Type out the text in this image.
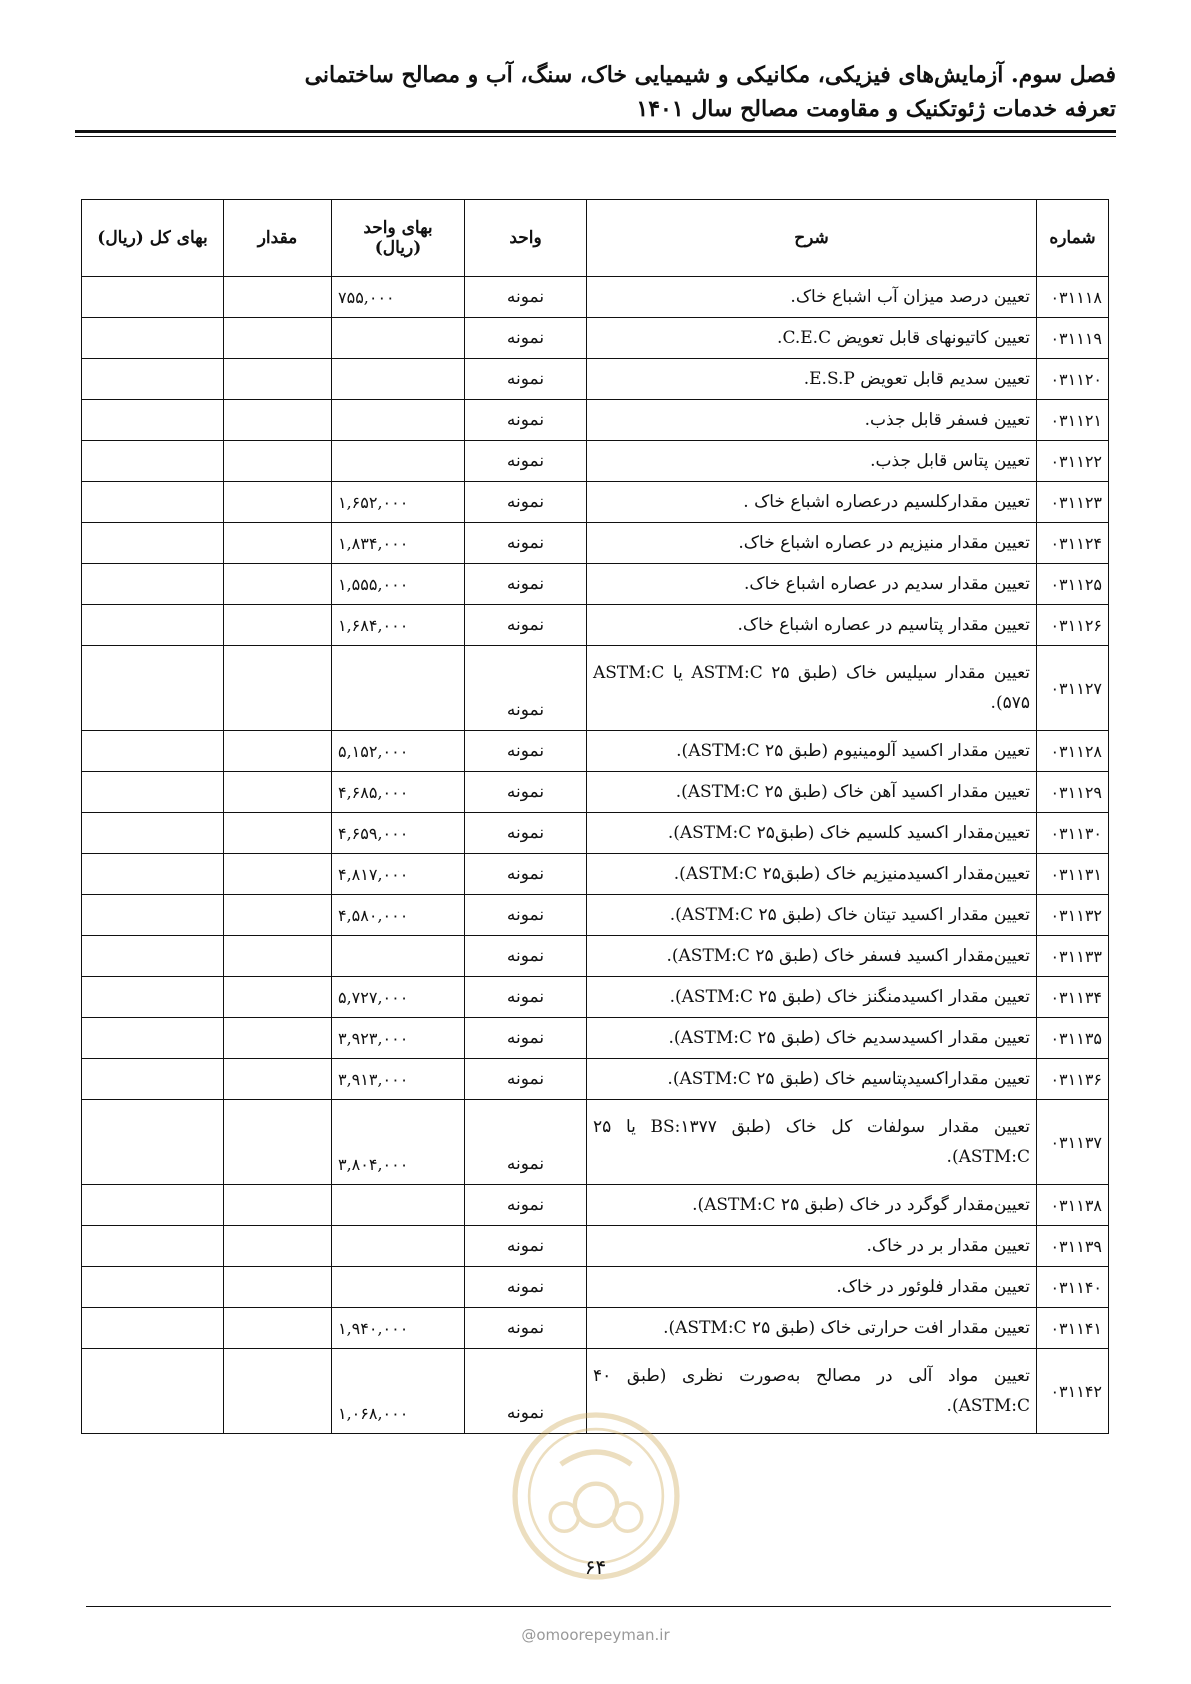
فصل سوم. آزمایش‌های فیزیکی، مکانیکی و شیمیایی خاک، سنگ، آب و مصالح ساختمانی
تعرفه خدمات ژئوتکنیک و مقاومت مصالح سال ۱۴۰۱
شماره	شرح	واحد	بهای واحد
(ریال)	مقدار	بهای کل (ریال)
۰۳۱۱۱۸	تعیین درصد میزان آب اشباع خاک.	نمونه	۷۵۵,۰۰۰		
۰۳۱۱۱۹	تعیین کاتیونهای قابل تعویض C.E.C.	نمونه			
۰۳۱۱۲۰	تعیین سدیم قابل تعویض E.S.P.	نمونه			
۰۳۱۱۲۱	تعیین فسفر قابل جذب.	نمونه			
۰۳۱۱۲۲	تعیین پتاس قابل جذب.	نمونه			
۰۳۱۱۲۳	تعیین مقدارکلسیم درعصاره اشباع خاک .	نمونه	۱,۶۵۲,۰۰۰		
۰۳۱۱۲۴	تعیین مقدار منیزیم در عصاره اشباع خاک.	نمونه	۱,۸۳۴,۰۰۰		
۰۳۱۱۲۵	تعیین مقدار سدیم در عصاره اشباع خاک.	نمونه	۱,۵۵۵,۰۰۰		
۰۳۱۱۲۶	تعیین مقدار پتاسیم در عصاره اشباع خاک.	نمونه	۱,۶۸۴,۰۰۰		
۰۳۱۱۲۷	تعیین مقدار سیلیس خاک (طبق ASTM:C ۲۵ یا ASTM:C ۵۷۵).	نمونه			
۰۳۱۱۲۸	تعیین مقدار اکسید آلومینیوم (طبق ASTM:C ۲۵).	نمونه	۵,۱۵۲,۰۰۰		
۰۳۱۱۲۹	تعیین مقدار اکسید آهن خاک (طبق ASTM:C ۲۵).	نمونه	۴,۶۸۵,۰۰۰		
۰۳۱۱۳۰	تعیین‌مقدار اکسید کلسیم خاک (طبق‌ASTM:C ۲۵).	نمونه	۴,۶۵۹,۰۰۰		
۰۳۱۱۳۱	تعیین‌مقدار اکسیدمنیزیم خاک (طبق‌ASTM:C ۲۵).	نمونه	۴,۸۱۷,۰۰۰		
۰۳۱۱۳۲	تعیین مقدار اکسید تیتان خاک (طبق ASTM:C ۲۵).	نمونه	۴,۵۸۰,۰۰۰		
۰۳۱۱۳۳	تعیین‌مقدار اکسید فسفر خاک (طبق ASTM:C ۲۵).	نمونه			
۰۳۱۱۳۴	تعیین مقدار اکسیدمنگنز خاک (طبق ASTM:C ۲۵).	نمونه	۵,۷۲۷,۰۰۰		
۰۳۱۱۳۵	تعیین مقدار اکسیدسدیم خاک (طبق ASTM:C ۲۵).	نمونه	۳,۹۲۳,۰۰۰		
۰۳۱۱۳۶	تعیین مقداراکسیدپتاسیم خاک (طبق ASTM:C ۲۵).	نمونه	۳,۹۱۳,۰۰۰		
۰۳۱۱۳۷	تعیین مقدار سولفات کل خاک (طبق BS:۱۳۷۷ یا ۲۵ ASTM:C).	نمونه	۳,۸۰۴,۰۰۰		
۰۳۱۱۳۸	تعیین‌مقدار گوگرد در خاک (طبق ASTM:C ۲۵).	نمونه			
۰۳۱۱۳۹	تعیین مقدار بر در خاک.	نمونه			
۰۳۱۱۴۰	تعیین مقدار فلوئور در خاک.	نمونه			
۰۳۱۱۴۱	تعیین مقدار افت حرارتی خاک (طبق ASTM:C ۲۵).	نمونه	۱,۹۴۰,۰۰۰		
۰۳۱۱۴۲	تعیین مواد آلی در مصالح به‌صورت نظری (طبق ۴۰ ASTM:C).	نمونه	۱,۰۶۸,۰۰۰		
۶۴
@omoorepeyman.ir
